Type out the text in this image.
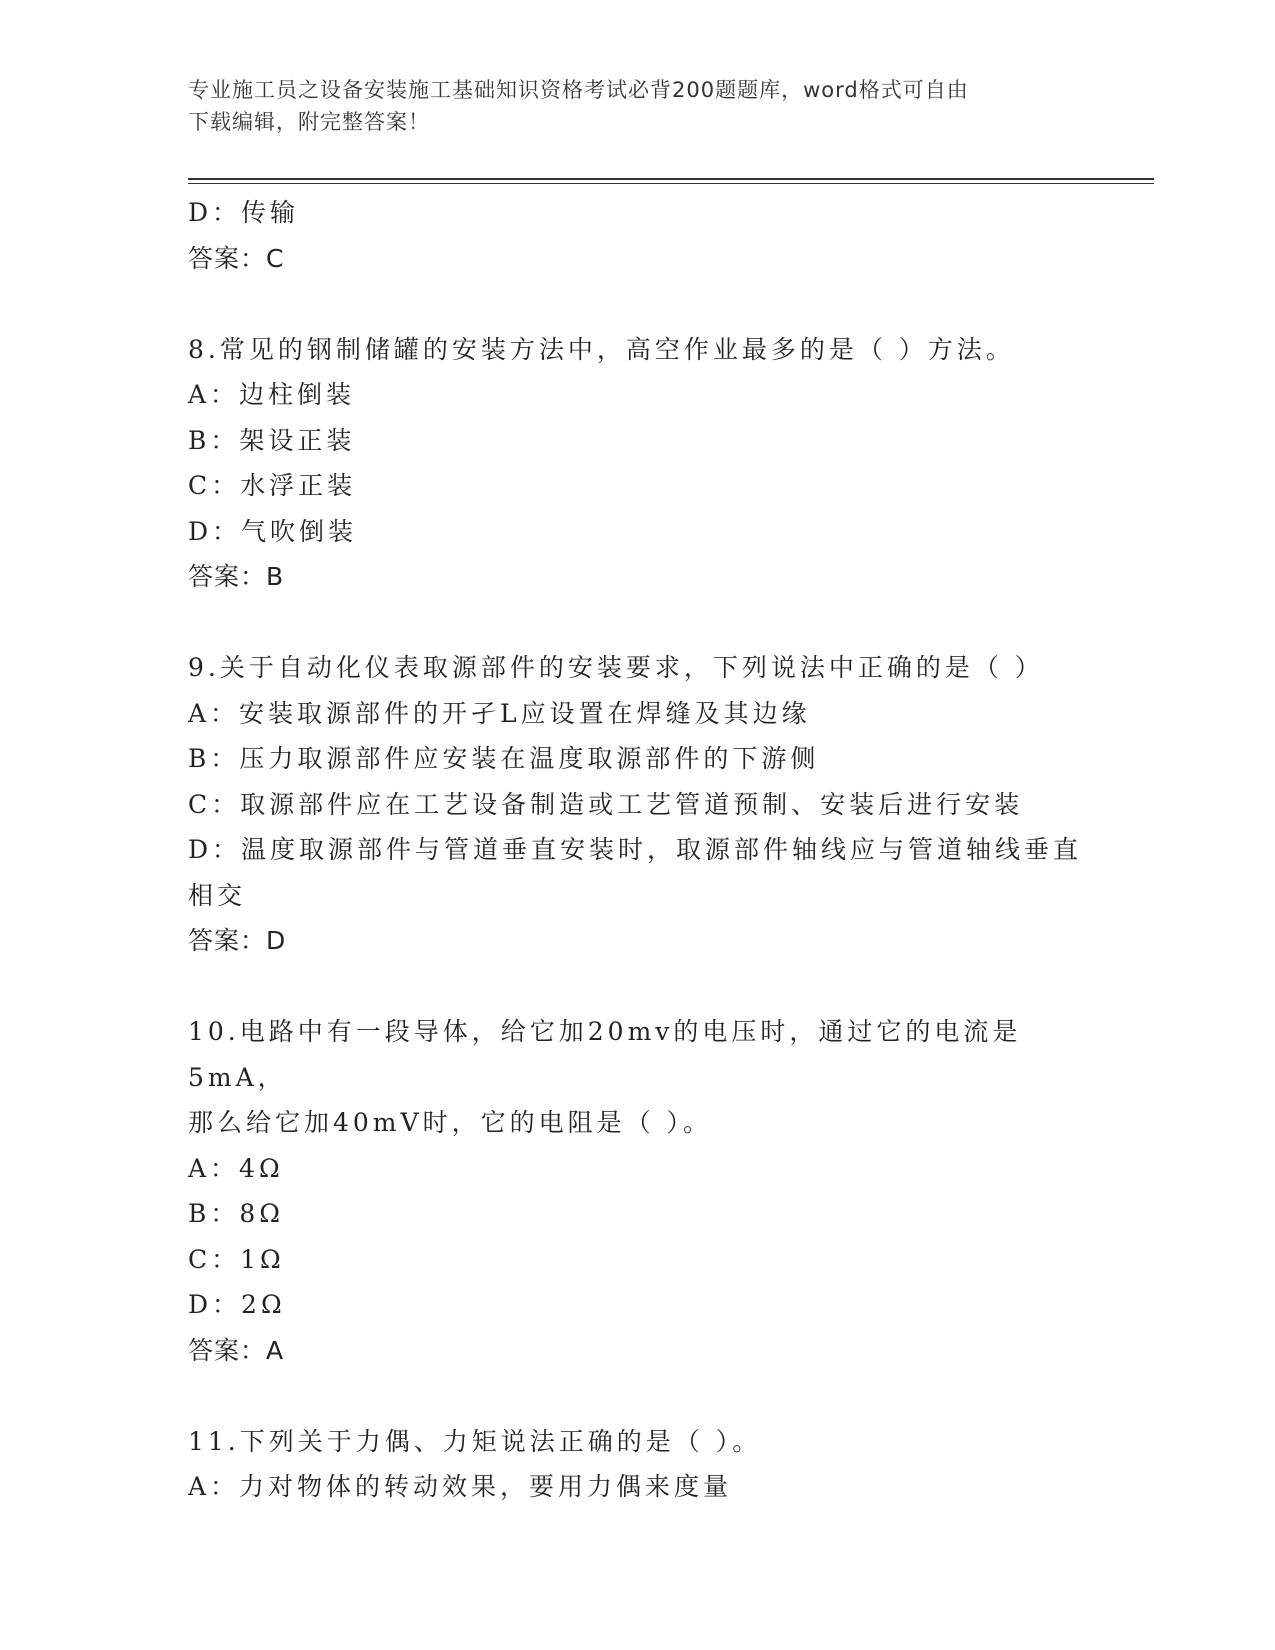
专业施工员之设备安装施工基础知识资格考试必背200题题库，word格式可自由
下载编辑，附完整答案！
D：传输
答案：C
8.常见的钢制储罐的安装方法中，高空作业最多的是（ ）方法。
A：边柱倒装
B：架设正装
C：水浮正装
D：气吹倒装
答案：B
9.关于自动化仪表取源部件的安装要求，下列说法中正确的是（ ）
A：安装取源部件的开孑L应设置在焊缝及其边缘
B：压力取源部件应安装在温度取源部件的下游侧
C：取源部件应在工艺设备制造或工艺管道预制、安装后进行安装
D：温度取源部件与管道垂直安装时，取源部件轴线应与管道轴线垂直
相交
答案：D
10.电路中有一段导体，给它加20mv的电压时，通过它的电流是5mA，
那么给它加40mV时，它的电阻是（ ）。
A：4Ω
B：8Ω
C：1Ω
D：2Ω
答案：A
11.下列关于力偶、力矩说法正确的是（ ）。
A：力对物体的转动效果，要用力偶来度量
